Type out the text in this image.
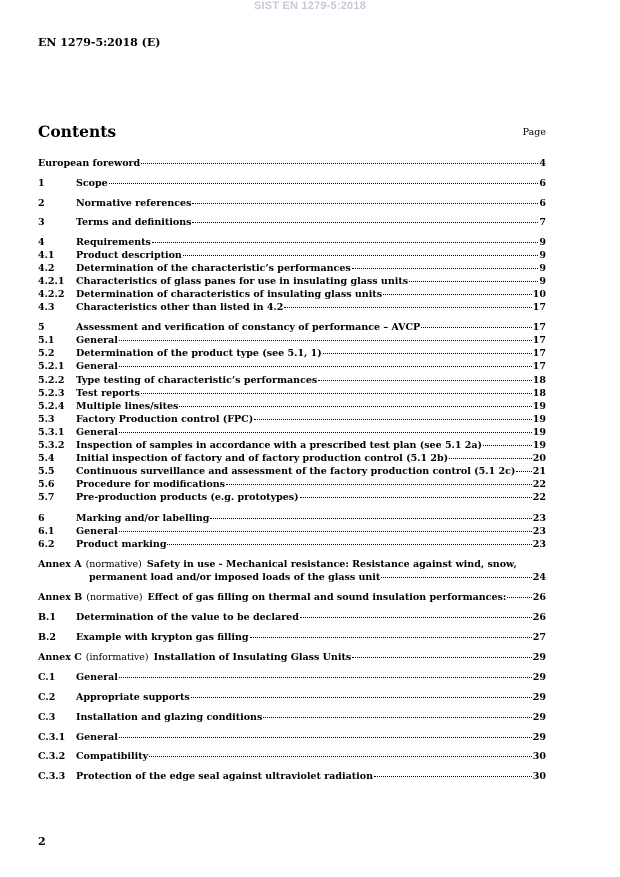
SIST EN 1279-5:2018
EN 1279-5:2018 (E)
Contents	Page
European foreword	4
1	Scope	6
2	Normative references	6
3	Terms and definitions	7
4	Requirements	9
4.1	Product description	9
4.2	Determination of the characteristic’s performances	9
4.2.1	Characteristics of glass panes for use in insulating glass units	9
4.2.2	Determination of characteristics of insulating glass units	10
4.3	Characteristics other than listed in 4.2	17
5	Assessment and verification of constancy of performance – AVCP	17
5.1	General	17
5.2	Determination of the product type (see 5.1, 1)	17
5.2.1	General	17
5.2.2	Type testing of characteristic’s performances	18
5.2.3	Test reports	18
5.2.4	Multiple lines/sites	19
5.3	Factory Production control (FPC)	19
5.3.1	General	19
5.3.2	Inspection of samples in accordance with a prescribed test plan (see 5.1 2a)	19
5.4	Initial inspection of factory and of factory production control (5.1 2b)	20
5.5	Continuous surveillance and assessment of the factory production control (5.1 2c) 21
5.6	Procedure for modifications	22
5.7	Pre-production products (e.g. prototypes)	22
6	Marking and/or labelling	23
6.1	General	23
6.2	Product marking	23
Annex A (normative) Safety in use - Mechanical resistance: Resistance against wind, snow,
permanent load and/or imposed loads of the glass unit	24
Annex B (normative) Effect of gas filling on thermal and sound insulation performances:	26
B.1	Determination of the value to be declared	26
B.2	Example with krypton gas filling	27
Annex C (informative) Installation of Insulating Glass Units	29
C.1	General	29
C.2	Appropriate supports	29
C.3	Installation and glazing conditions	29
C.3.1	General	29
C.3.2	Compatibility	30
C.3.3	Protection of the edge seal against ultraviolet radiation	30
2
